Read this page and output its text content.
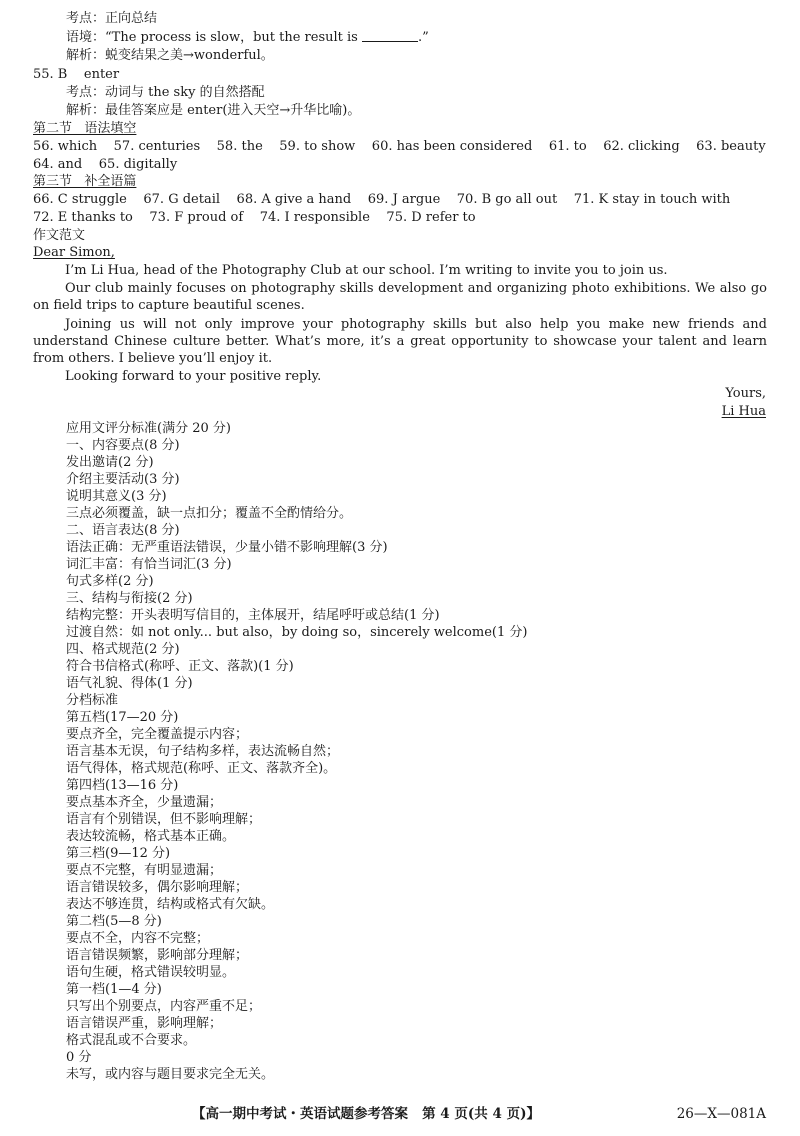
考点：正向总结
语境：“The process is slow，but the result is	.”
解析：蜕变结果之美→wonderful。
55. B    enter
考点：动词与 the sky 的自然搭配
解析：最佳答案应是 enter(进入天空→升华比喻)。
第二节   语法填空
56. which    57. centuries    58. the    59. to show    60. has been considered    61. to    62. clicking    63. beauty
64. and    65. digitally
第三节   补全语篇
66. C struggle    67. G detail    68. A give a hand    69. J argue    70. B go all out    71. K stay in touch with
72. E thanks to    73. F proud of    74. I responsible    75. D refer to
作文范文
Dear Simon,
I’m Li Hua, head of the Photography Club at our school. I’m writing to invite you to join us.
Our club mainly focuses on photography skills development and organizing photo exhibitions. We also go on field trips to capture beautiful scenes.
Joining us will not only improve your photography skills but also help you make new friends and understand Chinese culture better. What’s more, it’s a great opportunity to showcase your talent and learn from others. I believe you’ll enjoy it.
Looking forward to your positive reply.
Yours,
Li Hua
应用文评分标准(满分 20 分)
一、内容要点(8 分)
发出邀请(2 分)
介绍主要活动(3 分)
说明其意义(3 分)
三点必须覆盖，缺一点扣分；覆盖不全酌情给分。
二、语言表达(8 分)
语法正确：无严重语法错误，少量小错不影响理解(3 分)
词汇丰富：有恰当词汇(3 分)
句式多样(2 分)
三、结构与衔接(2 分)
结构完整：开头表明写信目的，主体展开，结尾呼吁或总结(1 分)
过渡自然：如 not only... but also，by doing so，sincerely welcome(1 分)
四、格式规范(2 分)
符合书信格式(称呼、正文、落款)(1 分)
语气礼貌、得体(1 分)
分档标准
第五档(17—20 分)
要点齐全，完全覆盖提示内容；
语言基本无误，句子结构多样，表达流畅自然；
语气得体，格式规范(称呼、正文、落款齐全)。
第四档(13—16 分)
要点基本齐全，少量遗漏；
语言有个别错误，但不影响理解；
表达较流畅，格式基本正确。
第三档(9—12 分)
要点不完整，有明显遗漏；
语言错误较多，偶尔影响理解；
表达不够连贯，结构或格式有欠缺。
第二档(5—8 分)
要点不全，内容不完整；
语言错误频繁，影响部分理解；
语句生硬，格式错误较明显。
第一档(1—4 分)
只写出个别要点，内容严重不足；
语言错误严重，影响理解；
格式混乱或不合要求。
0 分
未写，或内容与题目要求完全无关。
【高一期中考试・英语试题参考答案   第 4 页(共 4 页)】	26—X—081A
